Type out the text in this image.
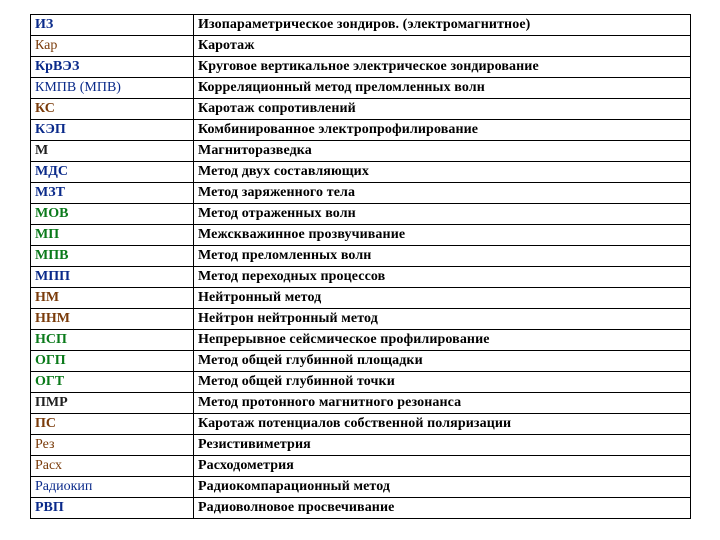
ИЗ	Изопараметрическое зондиров. (электромагнитное)
Кар	Каротаж
КрВЭЗ	Круговое вертикальное электрическое зондирование
КМПВ (МПВ)	Корреляционный метод преломленных волн
КС	Каротаж сопротивлений
КЭП	Комбинированное электропрофилирование
М	Магниторазведка
МДС	Метод двух составляющих
МЗТ	Метод заряженного тела
МОВ	Метод отраженных волн
МП	Межскважинное прозвучивание
МПВ	Метод преломленных волн
МПП	Метод переходных процессов
НМ	Нейтронный метод
ННМ	Нейтрон нейтронный метод
НСП	Непрерывное сейсмическое профилирование
ОГП	Метод общей глубинной площадки
ОГТ	Метод общей глубинной точки
ПМР	Метод протонного магнитного резонанса
ПС	Каротаж потенциалов собственной поляризации
Рез	Резистивиметрия
Расх	Расходометрия
Радиокип	Радиокомпарационный метод
РВП	Радиоволновое просвечивание
